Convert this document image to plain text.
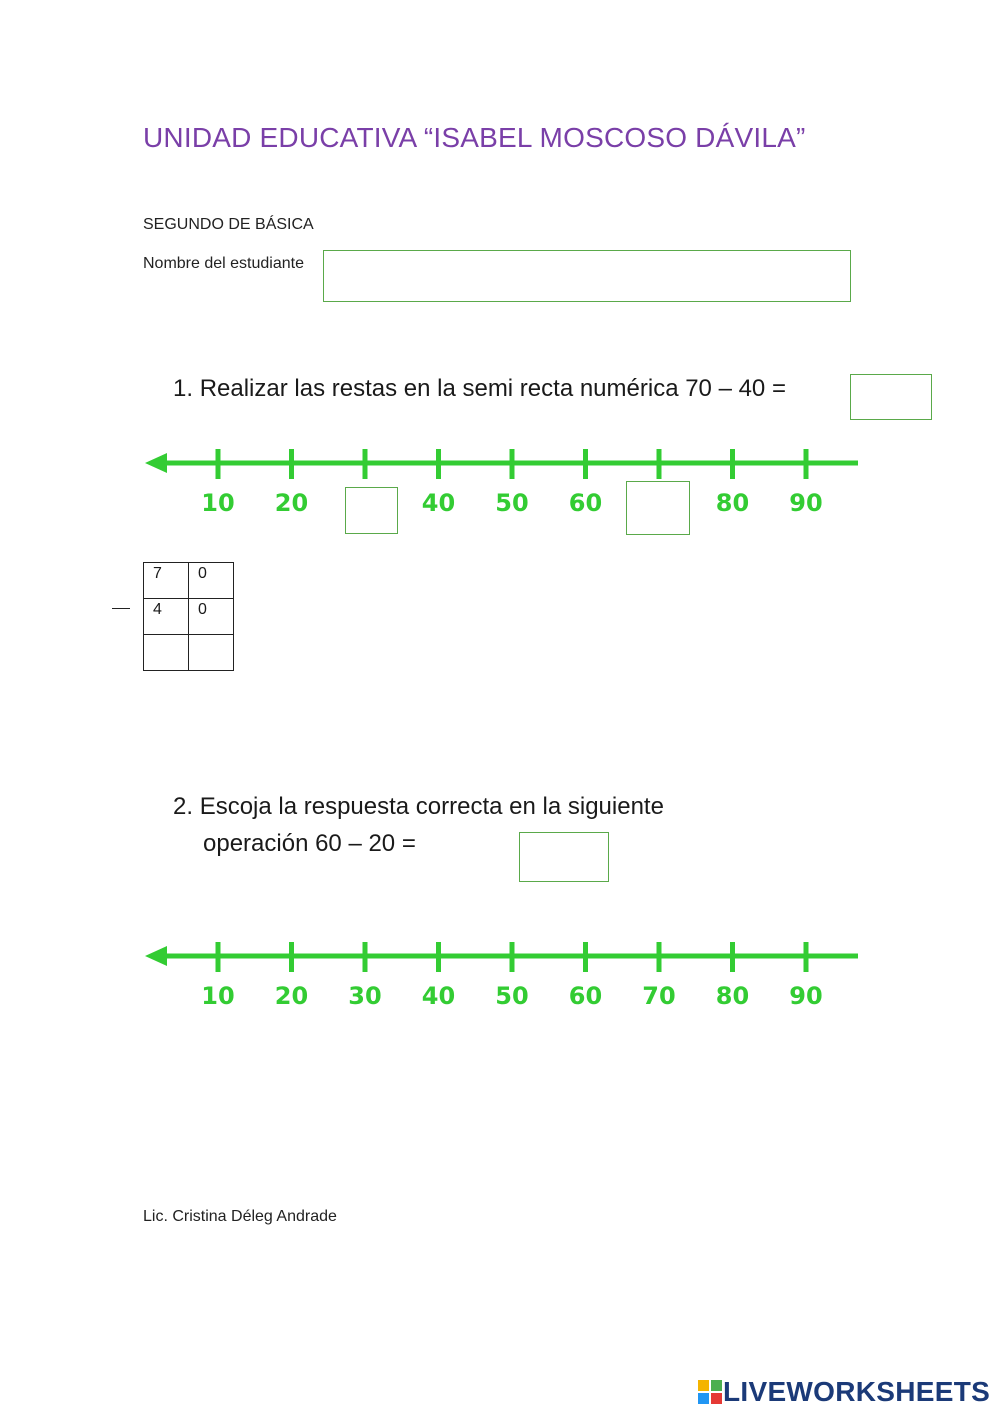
UNIDAD EDUCATIVA “ISABEL MOSCOSO DÁVILA”
SEGUNDO DE BÁSICA
Nombre del estudiante
1. Realizar las restas en la semi recta numérica 70 – 40 =
10 20	40 50 60	80 90
7	0
4	0

2. Escoja la respuesta correcta en la siguiente
operación 60 – 20 =
10 20 30 40 50 60 70 80 90
Lic. Cristina Déleg Andrade
LIVEWORKSHEETS
